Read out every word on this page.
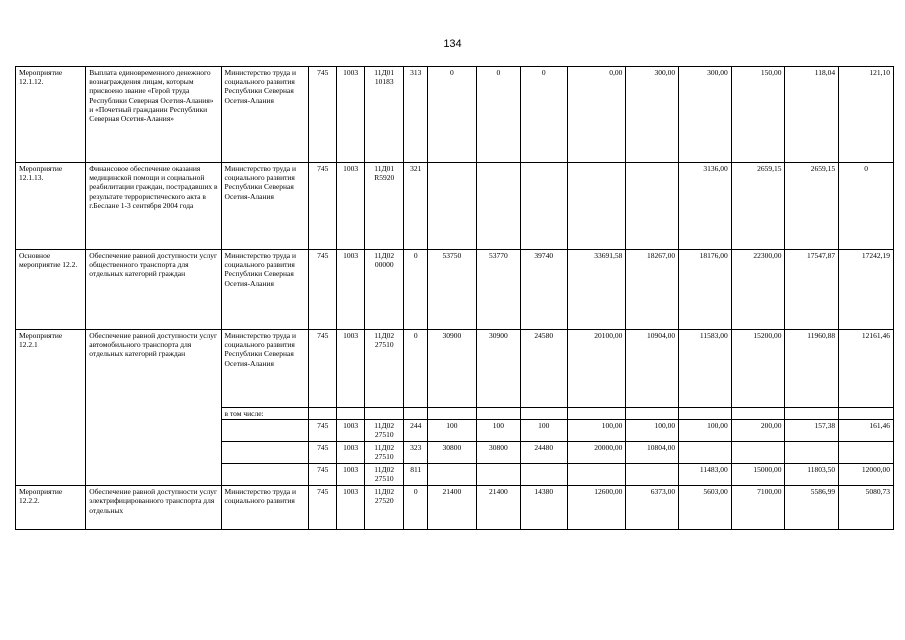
134
Мероприятие 12.1.12.	Выплата единовременного денежного вознаграждения лицам, которым присвоено звание «Герой труда Республики Северная Осетия-Алания» и «Почетный гражданин Республики Северная Осетия-Алания»	Министерство труда и социального развития Республики Северная Осетия-Алания	745	1003	11Д01 10183	313	0	0	0	0,00	300,00	300,00	150,00	118,04	121,10
Мероприятие 12.1.13.	Финансовое обеспечение оказания медицинской помощи и социальной реабилитации граждан, пострадавших в результате террористического акта в г.Беслане 1-3 сентября 2004 года	Министерство труда и социального развития Республики Северная Осетия-Алания	745	1003	11Д01 R5920	321						3136,00	2659,15	2659,15	0
Основное мероприятие 12.2.	Обеспечение равной доступности услуг общественного транспорта для отдельных категорий граждан	Министерство труда и социального развития Республики Северная Осетия-Алания	745	1003	11Д02 00000	0	53750	53770	39740	33691,58	18267,00	18176,00	22300,00	17547,87	17242,19
Мероприятие 12.2.1	Обеспечение равной доступности услуг автомобильного транспорта для отдельных категорий граждан	Министерство труда и социального развития Республики Северная Осетия-Алания	745	1003	11Д02 27510	0	30900	30900	24580	20100,00	10904,00	11583,00	15200,00	11960,88	12161,46
		в том числе:													
			745	1003	11Д02 27510	244	100	100	100	100,00	100,00	100,00	200,00	157,38	161,46
			745	1003	11Д02 27510	323	30800	30800	24480	20000,00	10804,00				
			745	1003	11Д02 27510	811						11483,00	15000,00	11803,50	12000,00
Мероприятие 12.2.2.	Обеспечение равной доступности услуг электрифицированного транспорта для отдельных	Министерство труда и социального развития	745	1003	11Д02 27520	0	21400	21400	14380	12600,00	6373,00	5603,00	7100,00	5586,99	5080,73
